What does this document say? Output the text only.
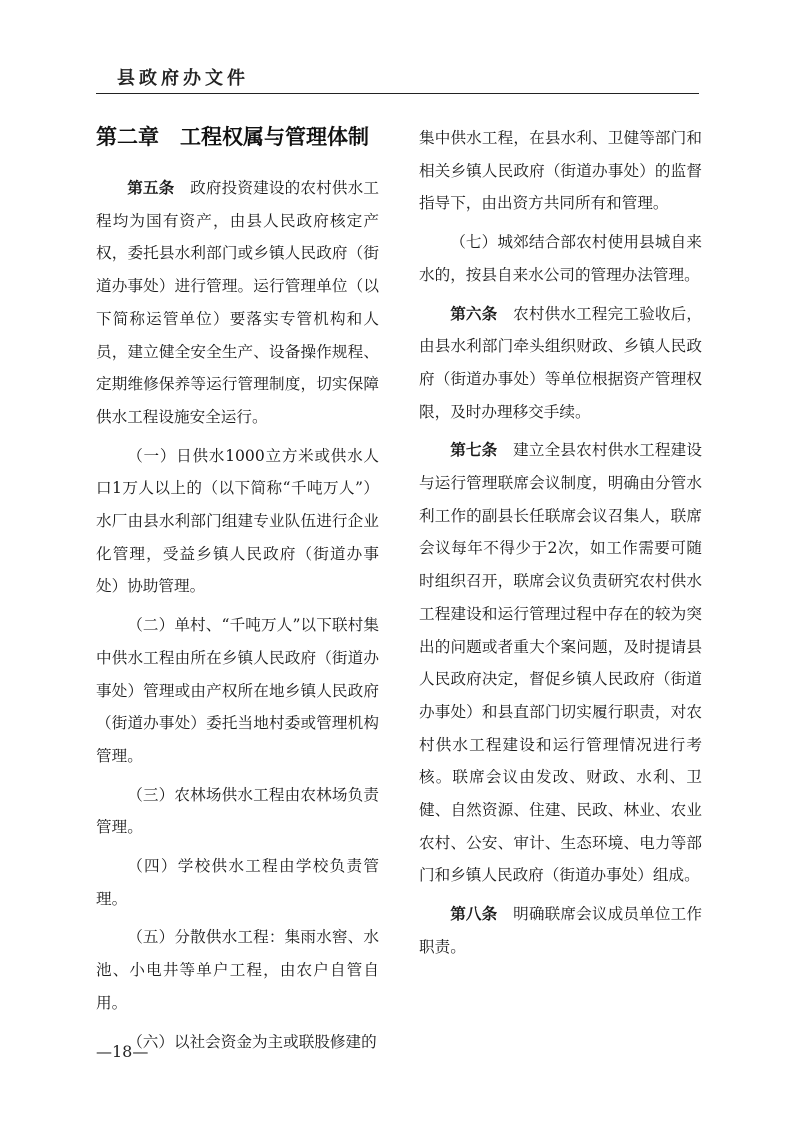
县政府办文件
第二章　工程权属与管理体制

第五条　政府投资建设的农村供水工程均为国有资产，由县人民政府核定产权，委托县水利部门或乡镇人民政府（街道办事处）进行管理。运行管理单位（以下简称运管单位）要落实专管机构和人员，建立健全安全生产、设备操作规程、定期维修保养等运行管理制度，切实保障供水工程设施安全运行。

（一）日供水1000立方米或供水人口1万人以上的（以下简称“千吨万人”）水厂由县水利部门组建专业队伍进行企业化管理，受益乡镇人民政府（街道办事处）协助管理。

（二）单村、“千吨万人”以下联村集中供水工程由所在乡镇人民政府（街道办事处）管理或由产权所在地乡镇人民政府（街道办事处）委托当地村委或管理机构管理。

（三）农林场供水工程由农林场负责管理。

（四）学校供水工程由学校负责管理。

（五）分散供水工程：集雨水窖、水池、小电井等单户工程，由农户自管自用。

（六）以社会资金为主或联股修建的

集中供水工程，在县水利、卫健等部门和相关乡镇人民政府（街道办事处）的监督指导下，由出资方共同所有和管理。

（七）城郊结合部农村使用县城自来水的，按县自来水公司的管理办法管理。

第六条　农村供水工程完工验收后，由县水利部门牵头组织财政、乡镇人民政府（街道办事处）等单位根据资产管理权限，及时办理移交手续。

第七条　建立全县农村供水工程建设与运行管理联席会议制度，明确由分管水利工作的副县长任联席会议召集人，联席会议每年不得少于2次，如工作需要可随时组织召开，联席会议负责研究农村供水工程建设和运行管理过程中存在的较为突出的问题或者重大个案问题，及时提请县人民政府决定，督促乡镇人民政府（街道办事处）和县直部门切实履行职责，对农村供水工程建设和运行管理情况进行考核。联席会议由发改、财政、水利、卫健、自然资源、住建、民政、林业、农业农村、公安、审计、生态环境、电力等部门和乡镇人民政府（街道办事处）组成。

第八条　明确联席会议成员单位工作职责。

—18—
